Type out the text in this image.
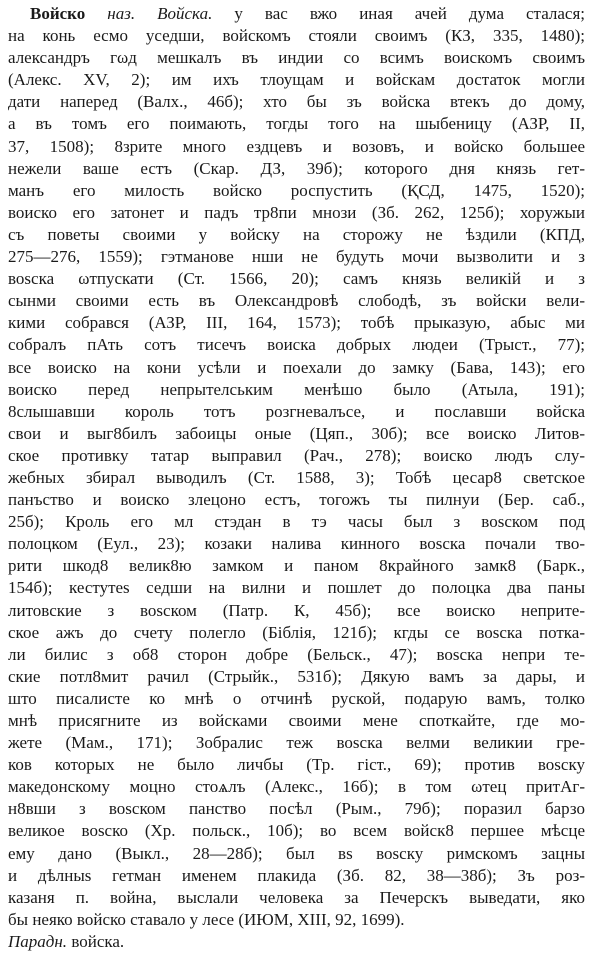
Войско наз. Войска. у вас вжо иная ачей дума сталася;
на конь есмо уседши, войскомъ стояли своимъ (КЗ, 335, 1480);
александръ гωд мешкалъ въ индии со всимъ воискомъ своимъ
(Алекс. XV, 2); им ихъ тлоущам и войскам достаток могли
дати наперед (Валх., 46б); хто бы зъ войска втекъ до дому,
а въ томъ его поимають, тогды того на шыбеницу (АЗР, II,
37, 1508); 8зрите много ездцевъ и возовъ, и войско большее
нежели ваше естъ (Скар. ДЗ, 39б); которого дня князь гет-
манъ его милость войско роспустить (ҚСД, 1475, 1520);
воиско его затонет и падъ тр8пи мнози (Зб. 262, 125б); хоружыи
съ поветы своими у войску на сторожу не ѣздили (КПД,
275—276, 1559); гэтманове нши не будуть мочи вызволити и з
воѕска ωтпускати (Ст. 1566, 20); самъ князь великій и з
сынми своими есть въ Олександровѣ слободѣ, зъ войски вели-
кими собрався (АЗР, III, 164, 1573); тобѣ прыказую, абыс ми
собралъ пАть сотъ тисечъ воиска добрых людеи (Трыст., 77);
все воиско на кони усѣли и поехали до замку (Бава, 143); его
воиско перед непрытелським менѣшо было (Атыла, 191);
8слышавши король тотъ розгневалъсе, и пославши войска
свои и выг8билъ забоицы оные (Цяп., 30б); все воиско Литов-
ское противку татар выправил (Рач., 278); воиско людъ слу-
жебных збирал выводилъ (Ст. 1588, 3); Тобѣ цесар8 светское
панъство и воиско злецоно естъ, тогожъ ты пилнуи (Бер. саб.,
25б); Кроль его мл стэдан в тэ часы был з воѕском под
полоцком (Еул., 23); козаки налива кинного воѕска почали тво-
рити шкод8 велик8ю замком и паном 8крайного замк8 (Барк.,
154б); кестутеѕ седши на вилни и пошлет до полоцка два паны
литовские з воѕском (Патр. К, 45б); все воиско неприте-
ское ажъ до счету полегло (Біблія, 121б); кгды се воѕска потка-
ли билис з об8 сторон добре (Бельск., 47); воѕска непри те-
ские потл8мит рачил (Стрыйк., 531б); Дякую вамъ за дары, и
што писалисте ко мнѣ о отчинѣ руской, подарую вамъ, толко
мнѣ присягните из войсками своими мене споткайте, где мо-
жете (Мам., 171); Зобралис теж воѕска велми великии гре-
ков которых не было личбы (Тр. гіст., 69); против воѕску
македонскому моцно стоѧлъ (Алекс., 16б); в том ωтец притАг-
н8вши з воѕском панство посѣл (Рым., 79б); поразил барзо
великое воѕско (Хр. польск., 10б); во всем войск8 першее мѣсце
ему дано (Выкл., 28—28б); был вѕ воѕску римскомъ зацны
и дѣлныѕ гетман именем плакида (Зб. 82, 38—38б); Зъ роз-
казаня п. война, выслали человека за Печерскъ выведати, яко
бы неяко войско ставало у лесе (ИЮМ, XIII, 92, 1699).
Парадн. войска.
